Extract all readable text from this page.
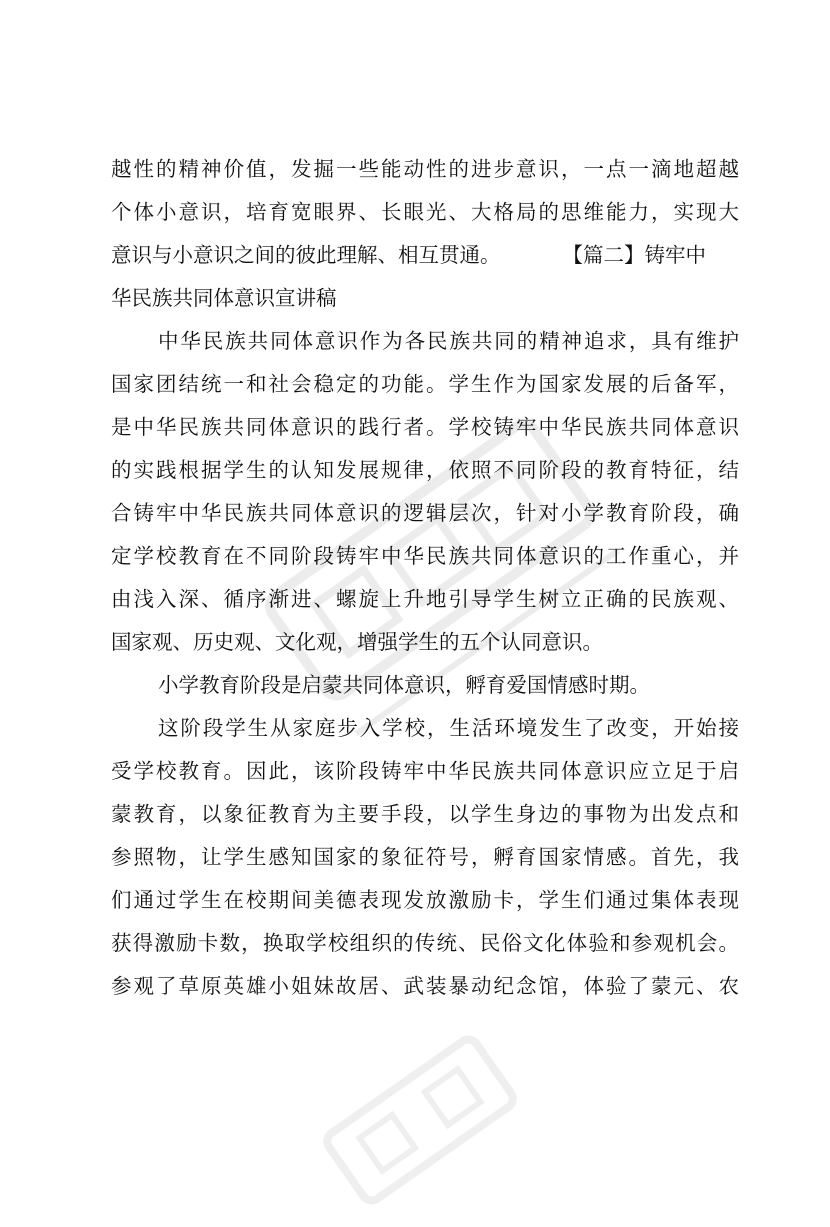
越性的精神价值，发掘一些能动性的进步意识，一点一滴地超越
个体小意识，培育宽眼界、长眼光、大格局的思维能力，实现大
意识与小意识之间的彼此理解、相互贯通。	【篇二】铸牢中
华民族共同体意识宣讲稿
中华民族共同体意识作为各民族共同的精神追求，具有维护
国家团结统一和社会稳定的功能。学生作为国家发展的后备军，
是中华民族共同体意识的践行者。学校铸牢中华民族共同体意识
的实践根据学生的认知发展规律，依照不同阶段的教育特征，结
合铸牢中华民族共同体意识的逻辑层次，针对小学教育阶段，确
定学校教育在不同阶段铸牢中华民族共同体意识的工作重心，并
由浅入深、循序渐进、螺旋上升地引导学生树立正确的民族观、
国家观、历史观、文化观，增强学生的五个认同意识。
小学教育阶段是启蒙共同体意识，孵育爱国情感时期。
这阶段学生从家庭步入学校，生活环境发生了改变，开始接
受学校教育。因此，该阶段铸牢中华民族共同体意识应立足于启
蒙教育，以象征教育为主要手段，以学生身边的事物为出发点和
参照物，让学生感知国家的象征符号，孵育国家情感。首先，我
们通过学生在校期间美德表现发放激励卡，学生们通过集体表现
获得激励卡数，换取学校组织的传统、民俗文化体验和参观机会。
参观了草原英雄小姐妹故居、武装暴动纪念馆，体验了蒙元、农
